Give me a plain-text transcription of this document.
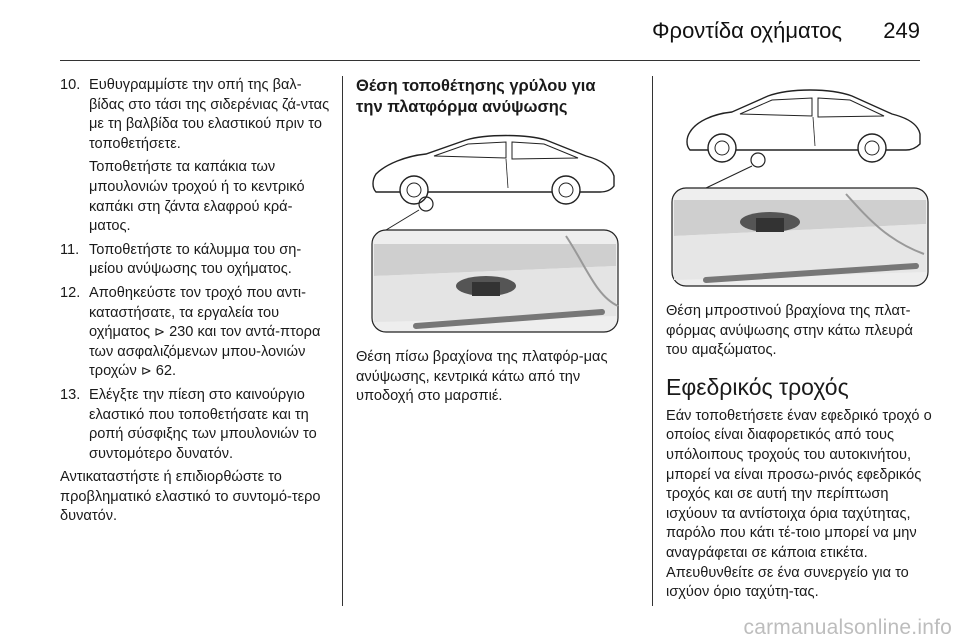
Φροντίδα οχήματος 249
10. Ευθυγραμμίστε την οπή της βαλ-βίδας στο τάσι της σιδερένιας ζά-ντας με τη βαλβίδα του ελαστικού πριν το τοποθετήσετε.

Τοποθετήστε τα καπάκια των μπουλονιών τροχού ή το κεντρικό καπάκι στη ζάντα ελαφρού κρά-ματος.

11. Τοποθετήστε το κάλυμμα του ση-μείου ανύψωσης του οχήματος.

12. Αποθηκεύστε τον τροχό που αντι-καταστήσατε, τα εργαλεία του οχήματος ⊳ 230 και τον αντά-πτορα των ασφαλιζόμενων μπου-λονιών τροχών ⊳ 62.

13. Ελέγξτε την πίεση στο καινούργιο ελαστικό που τοποθετήσατε και τη ροπή σύσφιξης των μπουλονιών το συντομότερο δυνατόν.

Αντικαταστήστε ή επιδιορθώστε το προβληματικό ελαστικό το συντομό-τερο δυνατόν.

Θέση τοποθέτησης γρύλου για την πλατφόρμα ανύψωσης

Θέση πίσω βραχίονα της πλατφόρ-μας ανύψωσης, κεντρικά κάτω από την υποδοχή στο μαρσπιέ.

Θέση μπροστινού βραχίονα της πλατ-φόρμας ανύψωσης στην κάτω πλευρά του αμαξώματος.

Εφεδρικός τροχός

Εάν τοποθετήσετε έναν εφεδρικό τροχό ο οποίος είναι διαφορετικός από τους υπόλοιπους τροχούς του αυτοκινήτου, μπορεί να είναι προσω-ρινός εφεδρικός τροχός και σε αυτή την περίπτωση ισχύουν τα αντίστοιχα όρια ταχύτητας, παρόλο που κάτι τέ-τοιο μπορεί να μην αναγράφεται σε κάποια ετικέτα. Απευθυνθείτε σε ένα συνεργείο για το ισχύον όριο ταχύτη-τας.

carmanualsonline.info
